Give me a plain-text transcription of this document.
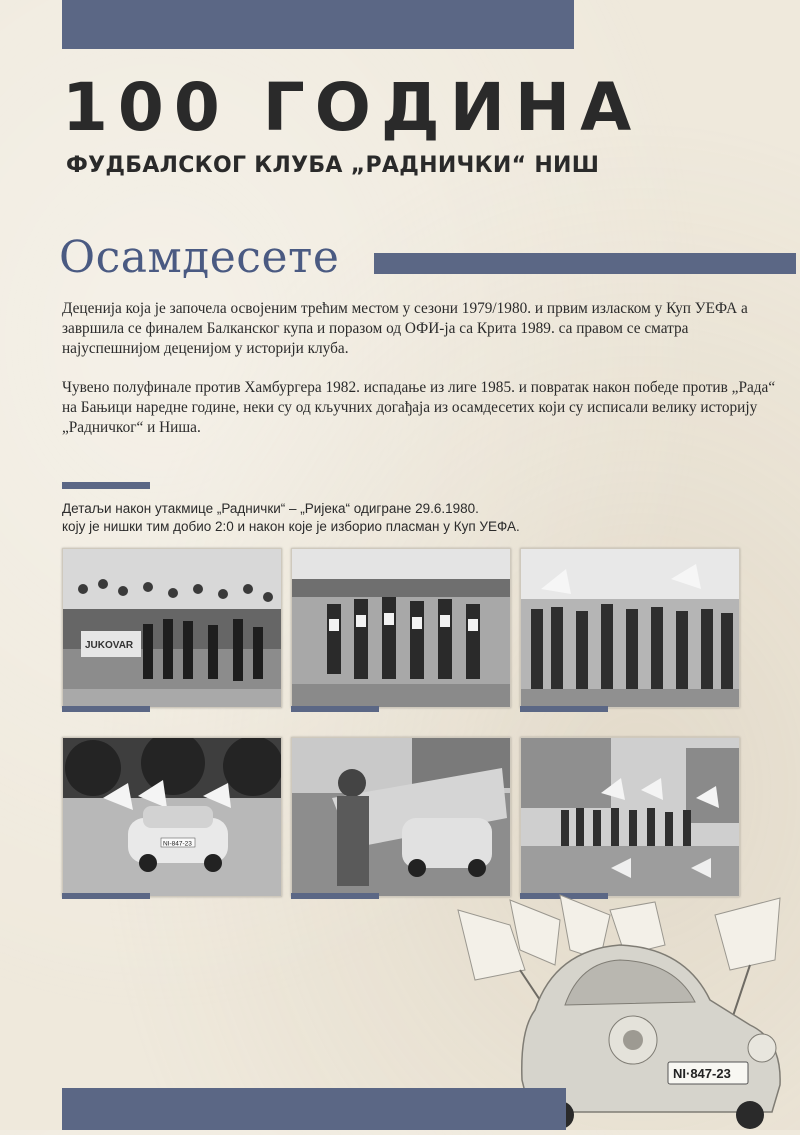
100 ГОДИНА
ФУДБАЛСКОГ КЛУБА „РАДНИЧКИ“ НИШ
Осамдесете
Деценија која је започела освојеним трећим местом у сезони 1979/1980. и првим изласком у Куп УЕФА а завршила се финалем Балканског купа и поразом од ОФИ-ја са Крита 1989. са правом се сматра најуспешнијом деценијом у историји клуба.
Чувено полуфинале против Хамбургера 1982. испадање из лиге 1985. и повратак након победе против „Рада“ на Бањици наредне године, неки су од кључних догађаја из осамдесетих који су исписали велику историју „Радничког“ и Ниша.
Детаљи након утакмице „Раднички“ – „Ријека“ одигране 29.6.1980.
коју је нишки тим добио 2:0 и након које је изборио пласман у Куп УЕФА.
JUKOVAR
NI-847-23
NI·847-23
